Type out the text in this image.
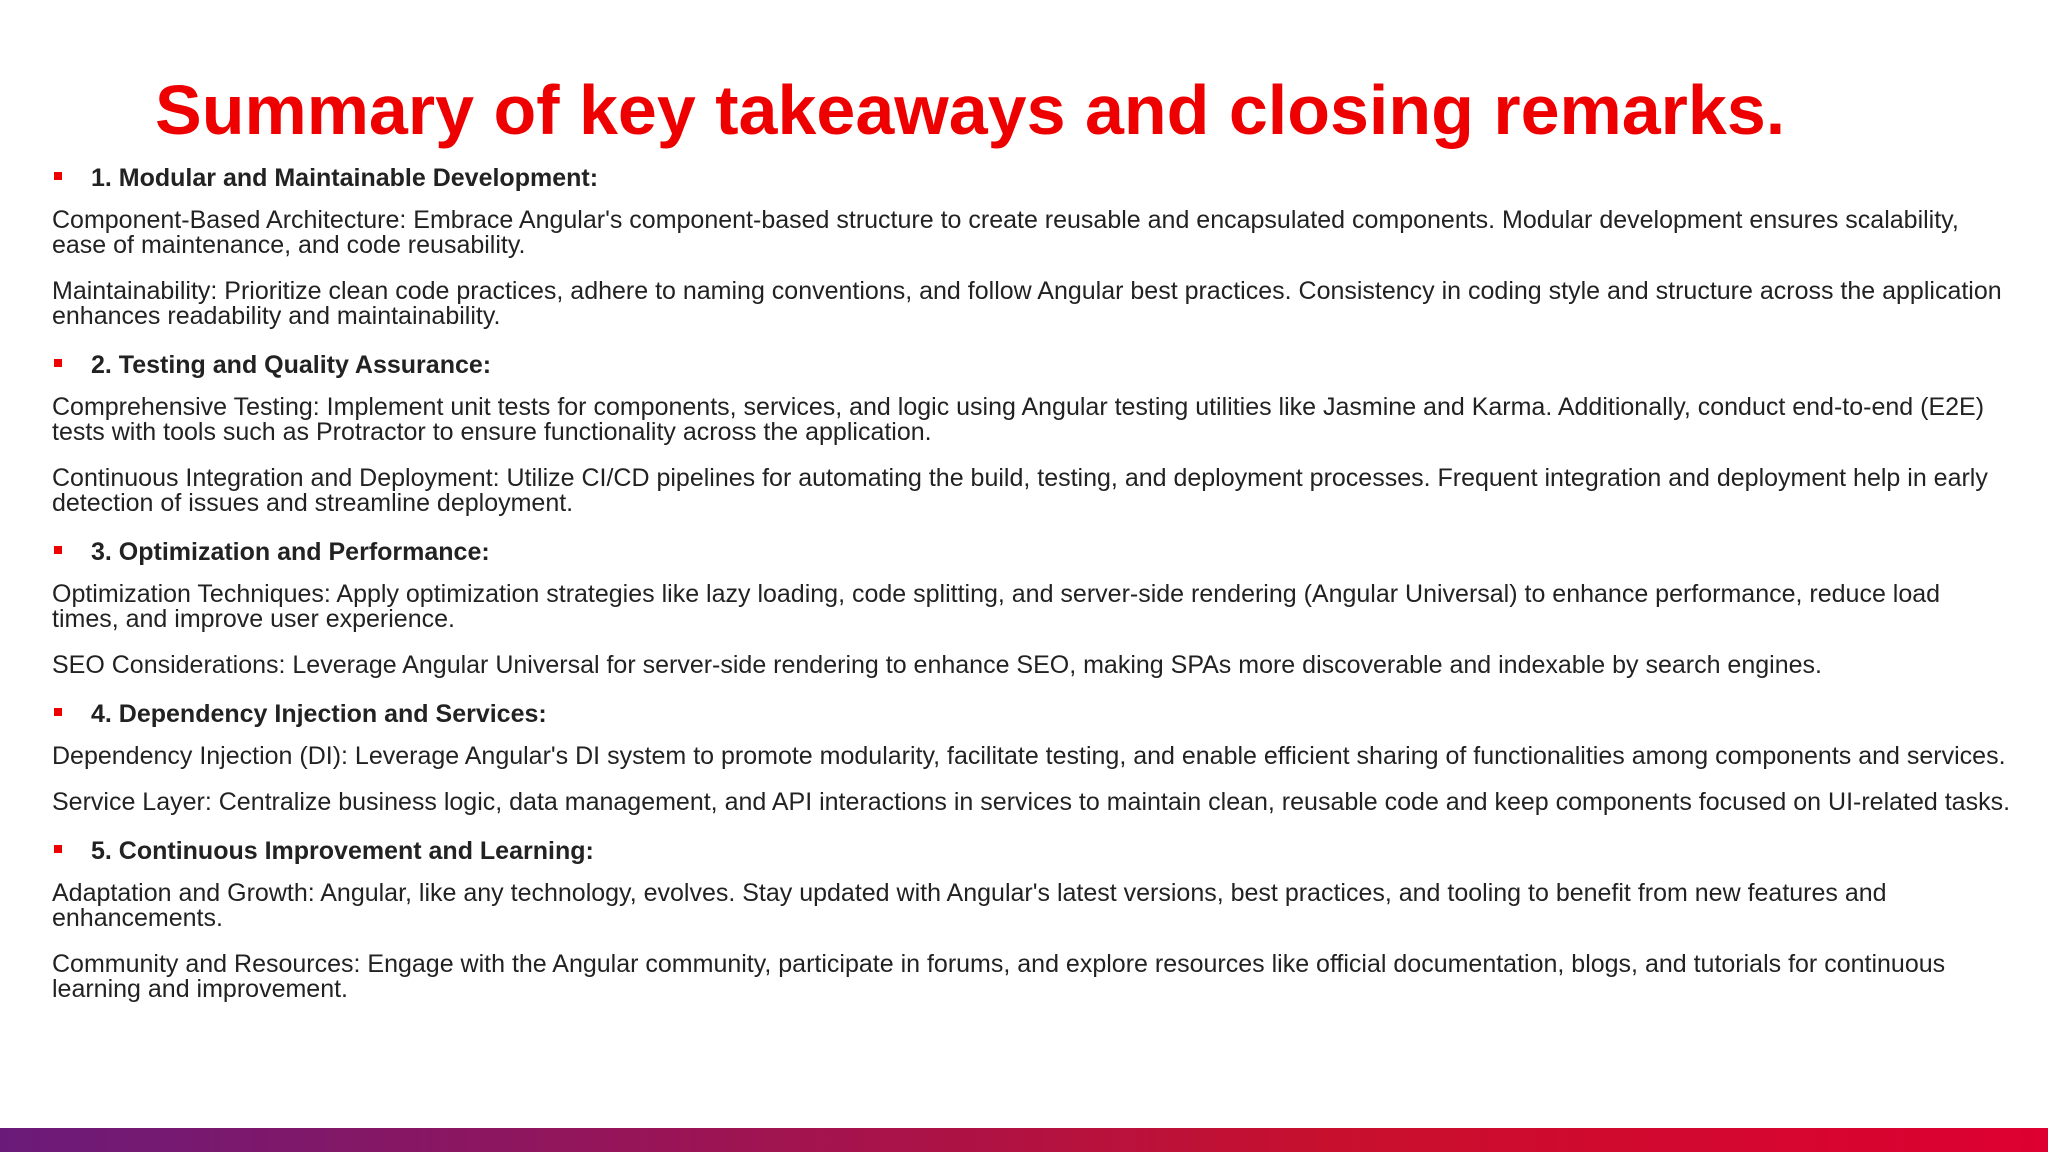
Summary of key takeaways and closing remarks.
1. Modular and Maintainable Development:

Component-Based Architecture: Embrace Angular's component-based structure to create reusable and encapsulated components. Modular development ensures scalability, ease of maintenance, and code reusability.

Maintainability: Prioritize clean code practices, adhere to naming conventions, and follow Angular best practices. Consistency in coding style and structure across the application enhances readability and maintainability.

2. Testing and Quality Assurance:

Comprehensive Testing: Implement unit tests for components, services, and logic using Angular testing utilities like Jasmine and Karma. Additionally, conduct end-to-end (E2E) tests with tools such as Protractor to ensure functionality across the application.

Continuous Integration and Deployment: Utilize CI/CD pipelines for automating the build, testing, and deployment processes. Frequent integration and deployment help in early detection of issues and streamline deployment.

3. Optimization and Performance:

Optimization Techniques: Apply optimization strategies like lazy loading, code splitting, and server-side rendering (Angular Universal) to enhance performance, reduce load times, and improve user experience.

SEO Considerations: Leverage Angular Universal for server-side rendering to enhance SEO, making SPAs more discoverable and indexable by search engines.

4. Dependency Injection and Services:

Dependency Injection (DI): Leverage Angular's DI system to promote modularity, facilitate testing, and enable efficient sharing of functionalities among components and services.

Service Layer: Centralize business logic, data management, and API interactions in services to maintain clean, reusable code and keep components focused on UI-related tasks.

5. Continuous Improvement and Learning:

Adaptation and Growth: Angular, like any technology, evolves. Stay updated with Angular's latest versions, best practices, and tooling to benefit from new features and enhancements.

Community and Resources: Engage with the Angular community, participate in forums, and explore resources like official documentation, blogs, and tutorials for continuous learning and improvement.
